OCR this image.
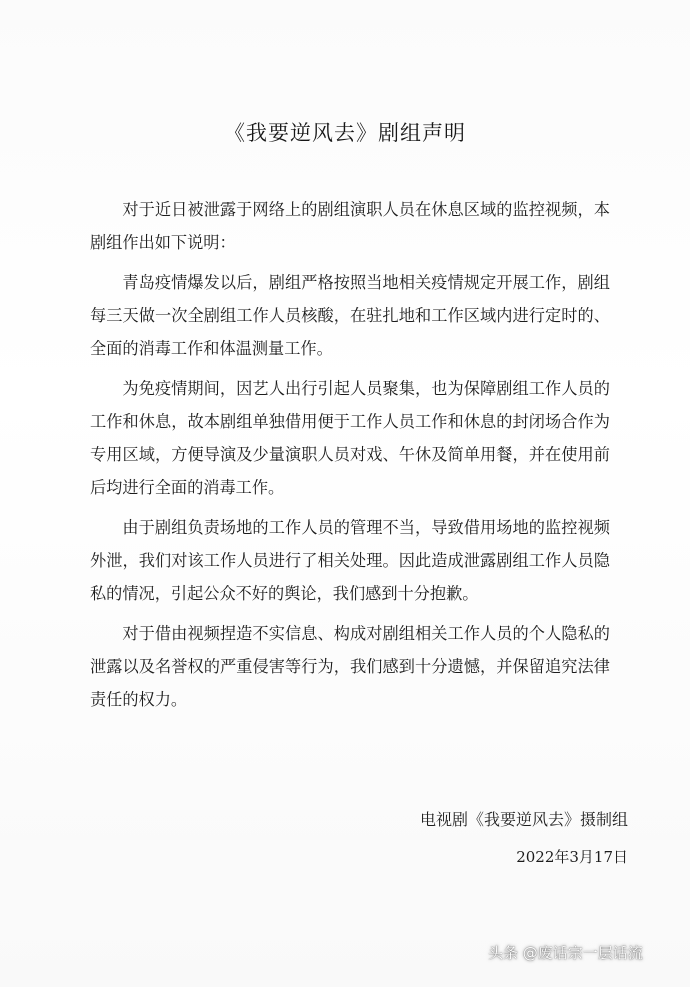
《我要逆风去》剧组声明

对于近日被泄露于网络上的剧组演职人员在休息区域的监控视频，本剧组作出如下说明：

青岛疫情爆发以后，剧组严格按照当地相关疫情规定开展工作，剧组每三天做一次全剧组工作人员核酸，在驻扎地和工作区域内进行定时的、全面的消毒工作和体温测量工作。

为免疫情期间，因艺人出行引起人员聚集，也为保障剧组工作人员的工作和休息，故本剧组单独借用便于工作人员工作和休息的封闭场合作为专用区域，方便导演及少量演职人员对戏、午休及简单用餐，并在使用前后均进行全面的消毒工作。

由于剧组负责场地的工作人员的管理不当，导致借用场地的监控视频外泄，我们对该工作人员进行了相关处理。因此造成泄露剧组工作人员隐私的情况，引起公众不好的舆论，我们感到十分抱歉。

对于借由视频捏造不实信息、构成对剧组相关工作人员的个人隐私的泄露以及名誉权的严重侵害等行为，我们感到十分遗憾，并保留追究法律责任的权力。

电视剧《我要逆风去》摄制组
2022年3月17日
头条 @废话宗一层话流
